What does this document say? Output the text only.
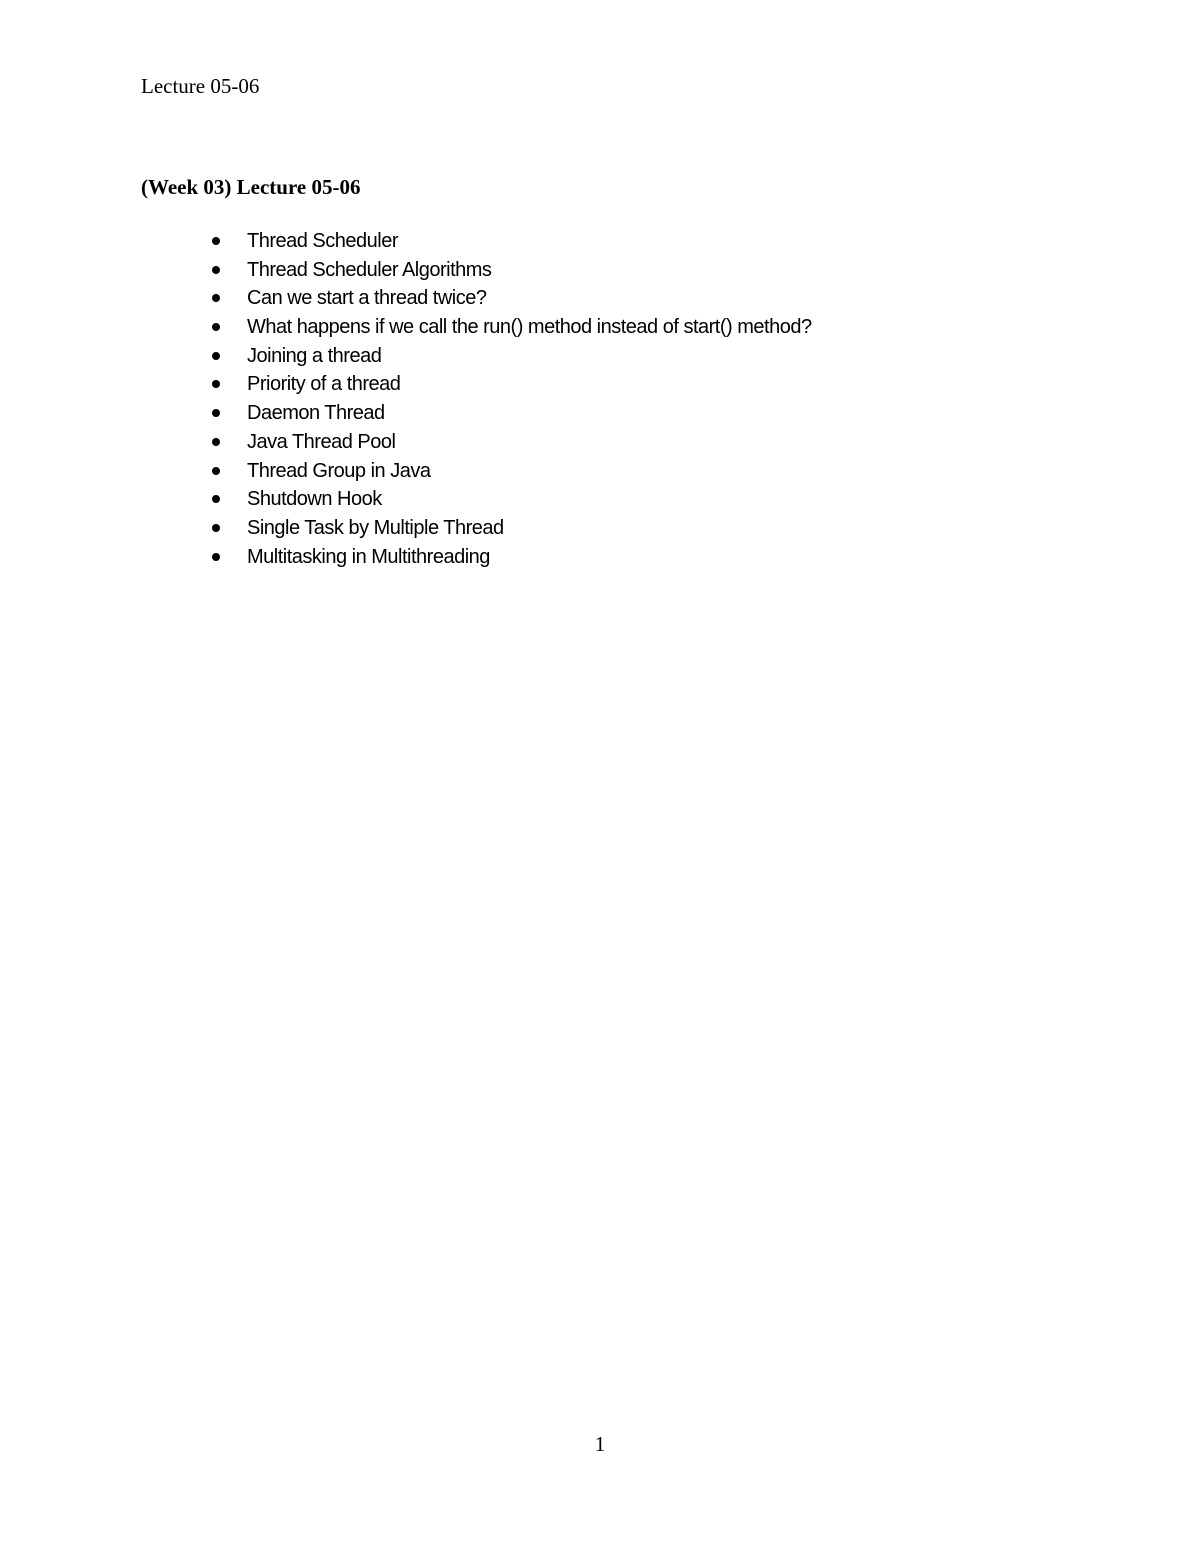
Lecture 05-06
(Week 03) Lecture 05-06
Thread Scheduler
Thread Scheduler Algorithms
Can we start a thread twice?
What happens if we call the run() method instead of start() method?
Joining a thread
Priority of a thread
Daemon Thread
Java Thread Pool
Thread Group in Java
Shutdown Hook
Single Task by Multiple Thread
Multitasking in Multithreading
1
